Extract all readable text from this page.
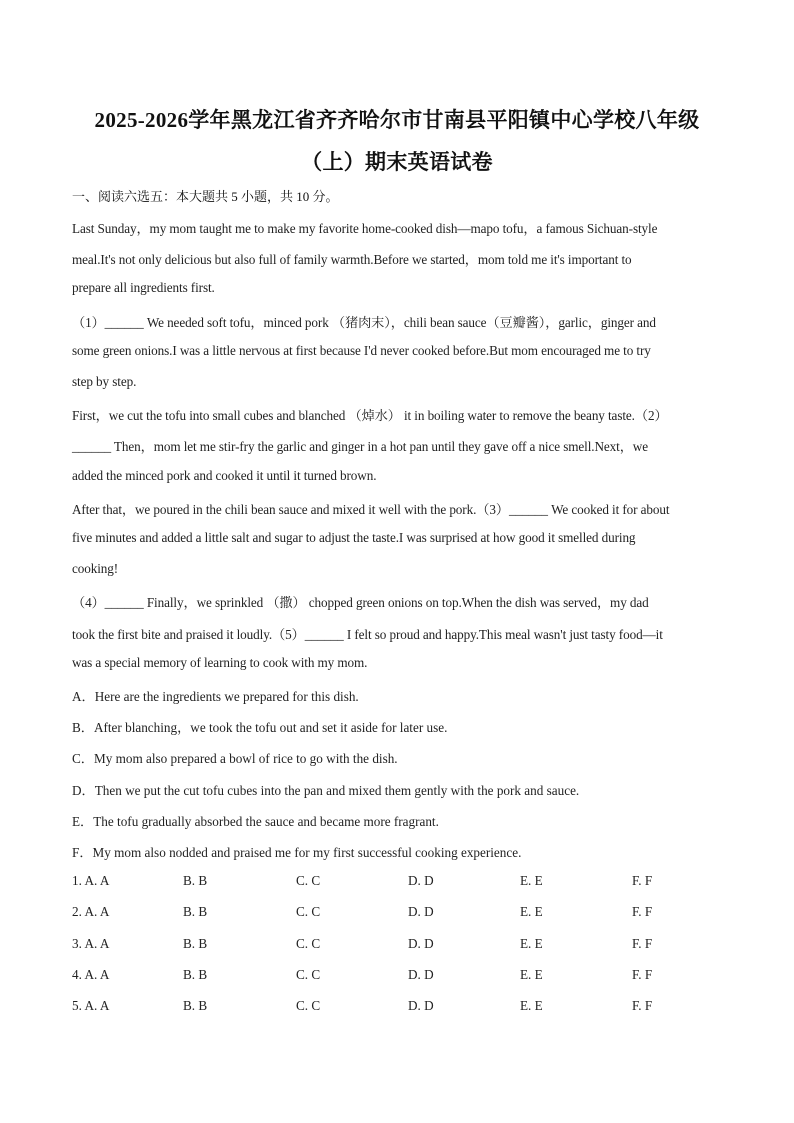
2025-2026学年黑龙江省齐齐哈尔市甘南县平阳镇中心学校八年级
（上）期末英语试卷
一、阅读六选五：本大题共 5 小题，共 10 分。
Last Sunday，my mom taught me to make my favorite home-cooked dish—mapo tofu，a famous Sichuan-style
meal.It's not only delicious but also full of family warmth.Before we started，mom told me it's important to
prepare all ingredients first.
（1）______ We needed soft tofu，minced pork （猪肉末），chili bean sauce（豆瓣酱），garlic，ginger and
some green onions.I was a little nervous at first because I'd never cooked before.But mom encouraged me to try
step by step.
First，we cut the tofu into small cubes and blanched （焯水） it in boiling water to remove the beany taste.（2）
______ Then，mom let me stir-fry the garlic and ginger in a hot pan until they gave off a nice smell.Next，we
added the minced pork and cooked it until it turned brown.
After that，we poured in the chili bean sauce and mixed it well with the pork.（3）______ We cooked it for about
five minutes and added a little salt and sugar to adjust the taste.I was surprised at how good it smelled during
cooking!
（4）______ Finally，we sprinkled （撒） chopped green onions on top.When the dish was served，my dad
took the first bite and praised it loudly.（5）______ I felt so proud and happy.This meal wasn't just tasty food—it
was a special memory of learning to cook with my mom.
A．Here are the ingredients we prepared for this dish.
B．After blanching，we took the tofu out and set it aside for later use.
C．My mom also prepared a bowl of rice to go with the dish.
D．Then we put the cut tofu cubes into the pan and mixed them gently with the pork and sauce.
E．The tofu gradually absorbed the sauce and became more fragrant.
F．My mom also nodded and praised me for my first successful cooking experience.
1. A. A	B. B	C. C	D. D	E. E	F. F
2. A. A	B. B	C. C	D. D	E. E	F. F
3. A. A	B. B	C. C	D. D	E. E	F. F
4. A. A	B. B	C. C	D. D	E. E	F. F
5. A. A	B. B	C. C	D. D	E. E	F. F
